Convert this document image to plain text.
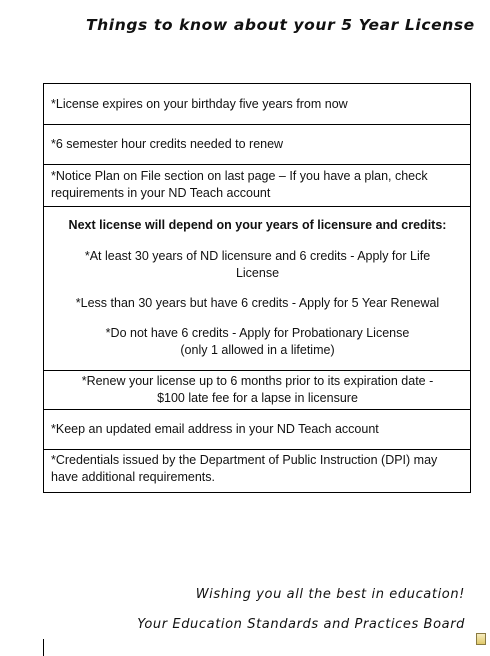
Things to know about your 5 Year License
*License expires on your birthday five years from now
*6 semester hour credits needed to renew
*Notice Plan on File section on last page – If you have a plan, check requirements in your ND Teach account
Next license will depend on your years of licensure and credits:
*At least 30 years of ND licensure and 6 credits - Apply for Life
License
*Less than 30 years but have 6 credits - Apply for 5 Year Renewal
*Do not have 6 credits - Apply for Probationary License
(only 1 allowed in a lifetime)
*Renew your license up to 6 months prior to its expiration date -
$100 late fee for a lapse in licensure
*Keep an updated email address in your ND Teach account
*Credentials issued by the Department of Public Instruction (DPI) may have additional requirements.
Wishing you all the best in education!
Your Education Standards and Practices Board
